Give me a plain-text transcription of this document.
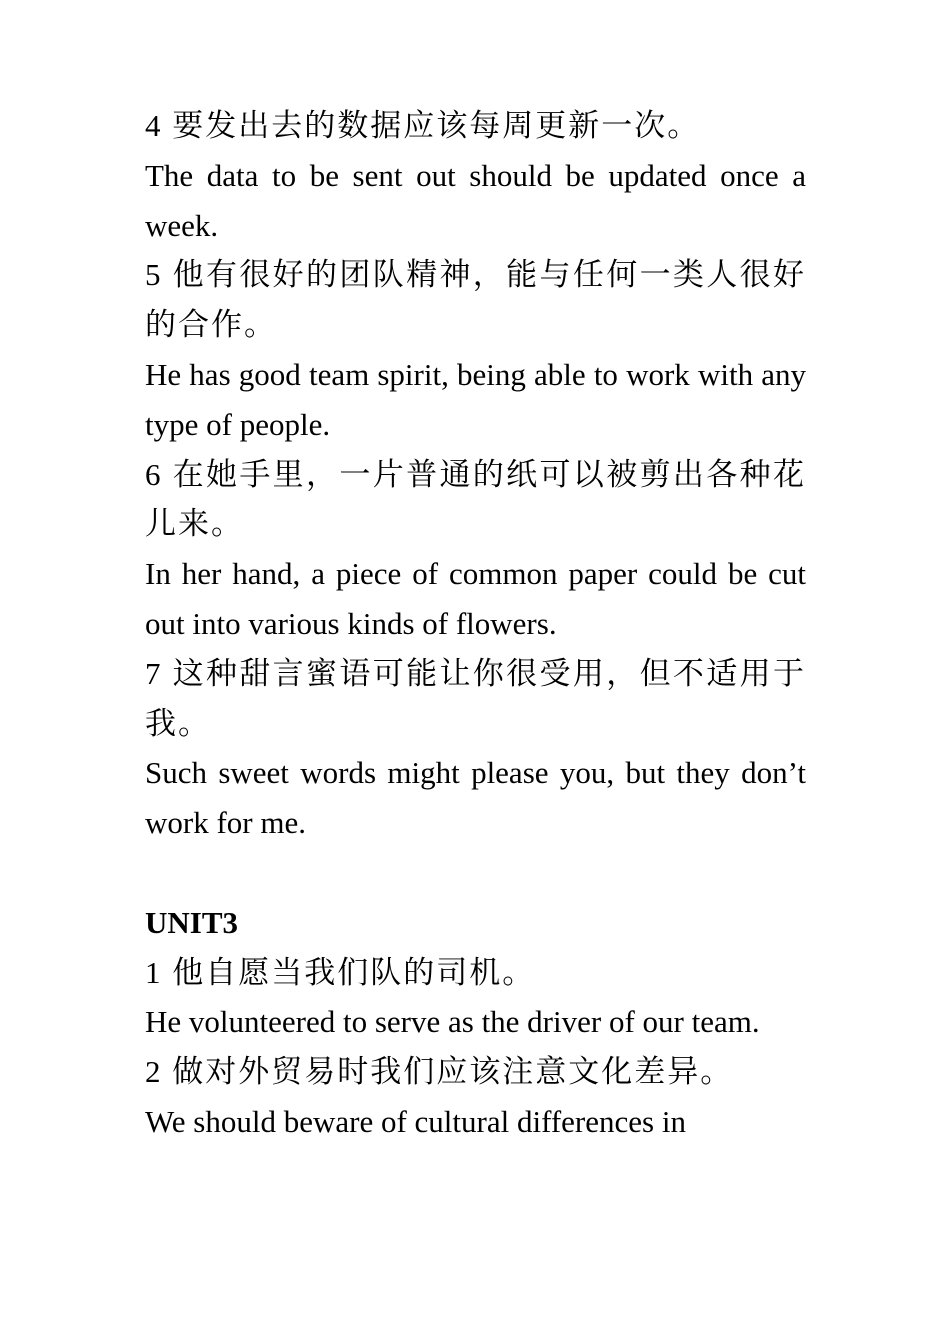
4 要发出去的数据应该每周更新一次。

The data to be sent out should be updated once a week.

5 他有很好的团队精神，能与任何一类人很好的合作。

He has good team spirit, being able to work with any type of people.

6 在她手里，一片普通的纸可以被剪出各种花儿来。

In her hand, a piece of common paper could be cut out into various kinds of flowers.

7 这种甜言蜜语可能让你很受用，但不适用于我。

Such sweet words might please you, but they don’t work for me.

UNIT3

1 他自愿当我们队的司机。

He volunteered to serve as the driver of our team.

2 做对外贸易时我们应该注意文化差异。

We should beware of cultural differences in
